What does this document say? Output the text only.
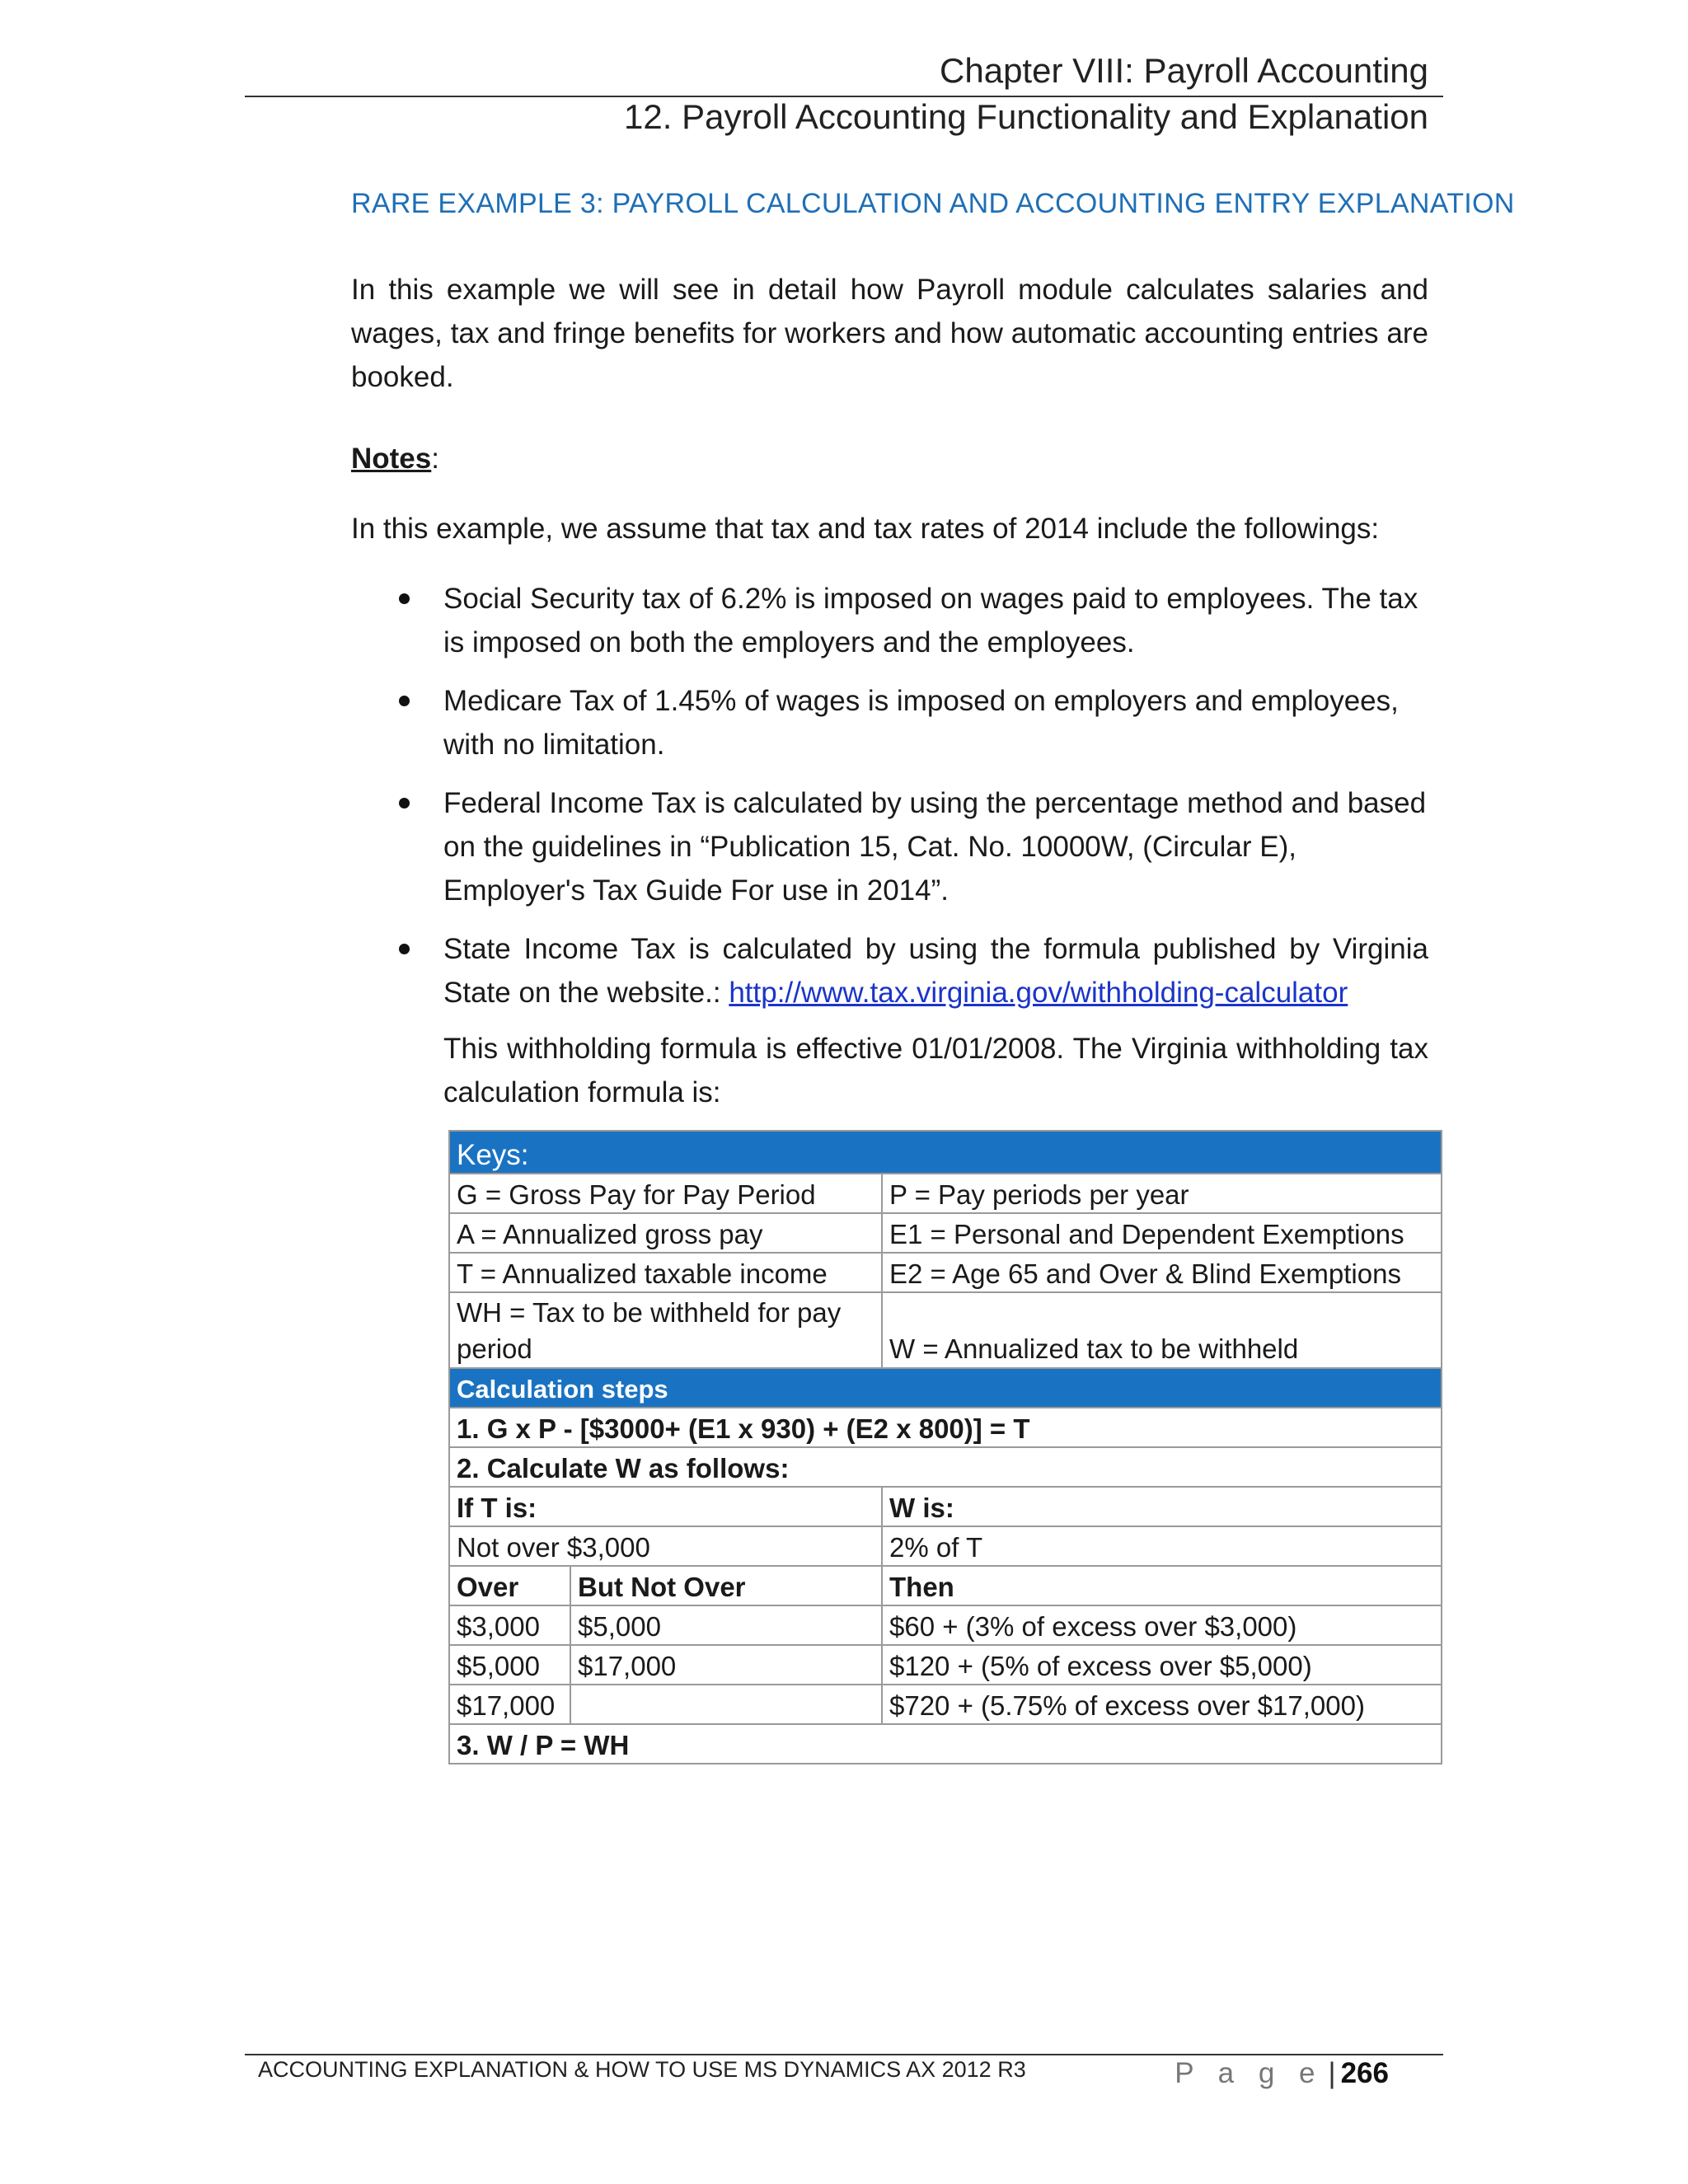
Chapter VIII: Payroll Accounting
12. Payroll Accounting Functionality and Explanation
RARE EXAMPLE 3: PAYROLL CALCULATION AND ACCOUNTING ENTRY EXPLANATION
In this example we will see in detail how Payroll module calculates salaries and wages, tax and fringe benefits for workers and how automatic accounting entries are booked.
Notes:
In this example, we assume that tax and tax rates of 2014 include the followings:
Social Security tax of 6.2% is imposed on wages paid to employees. The tax is imposed on both the employers and the employees.
Medicare Tax of 1.45% of wages is imposed on employers and employees, with no limitation.
Federal Income Tax is calculated by using the percentage method and based on the guidelines in “Publication 15, Cat. No. 10000W, (Circular E), Employer's Tax Guide For use in 2014”.
State Income Tax is calculated by using the formula published by Virginia State on the website.: http://www.tax.virginia.gov/withholding-calculator
This withholding formula is effective 01/01/2008. The Virginia withholding tax calculation formula is:
Keys:		
G = Gross Pay for Pay Period		P = Pay periods per year
A = Annualized gross pay		E1 = Personal and Dependent Exemptions
T = Annualized taxable income		E2 = Age 65 and Over & Blind Exemptions
WH = Tax to be withheld for pay period		W = Annualized tax to be withheld
Calculation steps		
1. G x P - [$3000+ (E1 x 930) + (E2 x 800)] = T		
2. Calculate W as follows:		
If T is:		W is:
Not over $3,000		2% of T
Over	But Not Over	Then
$3,000	$5,000	$60 + (3% of excess over $3,000)
$5,000	$17,000	$120 + (5% of excess over $5,000)
$17,000		$720 + (5.75% of excess over $17,000)
3. W / P = WH		
ACCOUNTING EXPLANATION & HOW TO USE MS DYNAMICS AX 2012 R3	P a g e | 266
